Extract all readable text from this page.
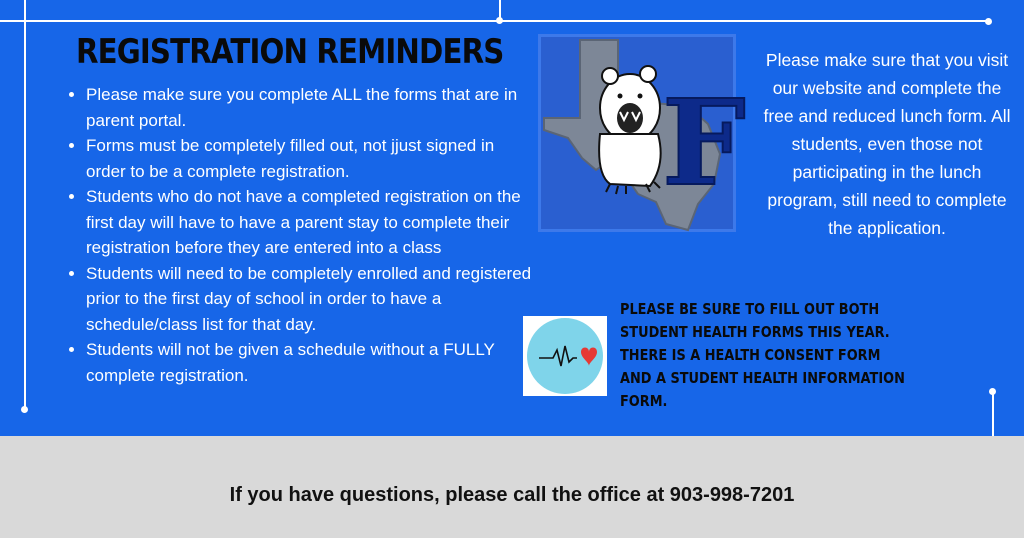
REGISTRATION REMINDERS
• Please make sure you complete ALL the forms that are in parent portal.
• Forms must be completely filled out, not jjust signed in order to be a complete registration.
• Students who do not have a completed registration on the first day will have to have a parent stay to complete their registration before they are entered into a class
• Students will need to be completely enrolled and registered prior to the first day of school in order to have a schedule/class list for that day.
• Students will not be given a schedule without a FULLY complete registration.
F
Please make sure that you visit our website and complete the free and reduced lunch form. All students, even those not participating in the lunch program, still need to complete the application.
PLEASE BE SURE TO FILL OUT BOTH STUDENT HEALTH FORMS THIS YEAR. THERE IS A HEALTH CONSENT FORM AND A STUDENT HEALTH INFORMATION FORM.
If you have questions, please call the office at 903-998-7201
